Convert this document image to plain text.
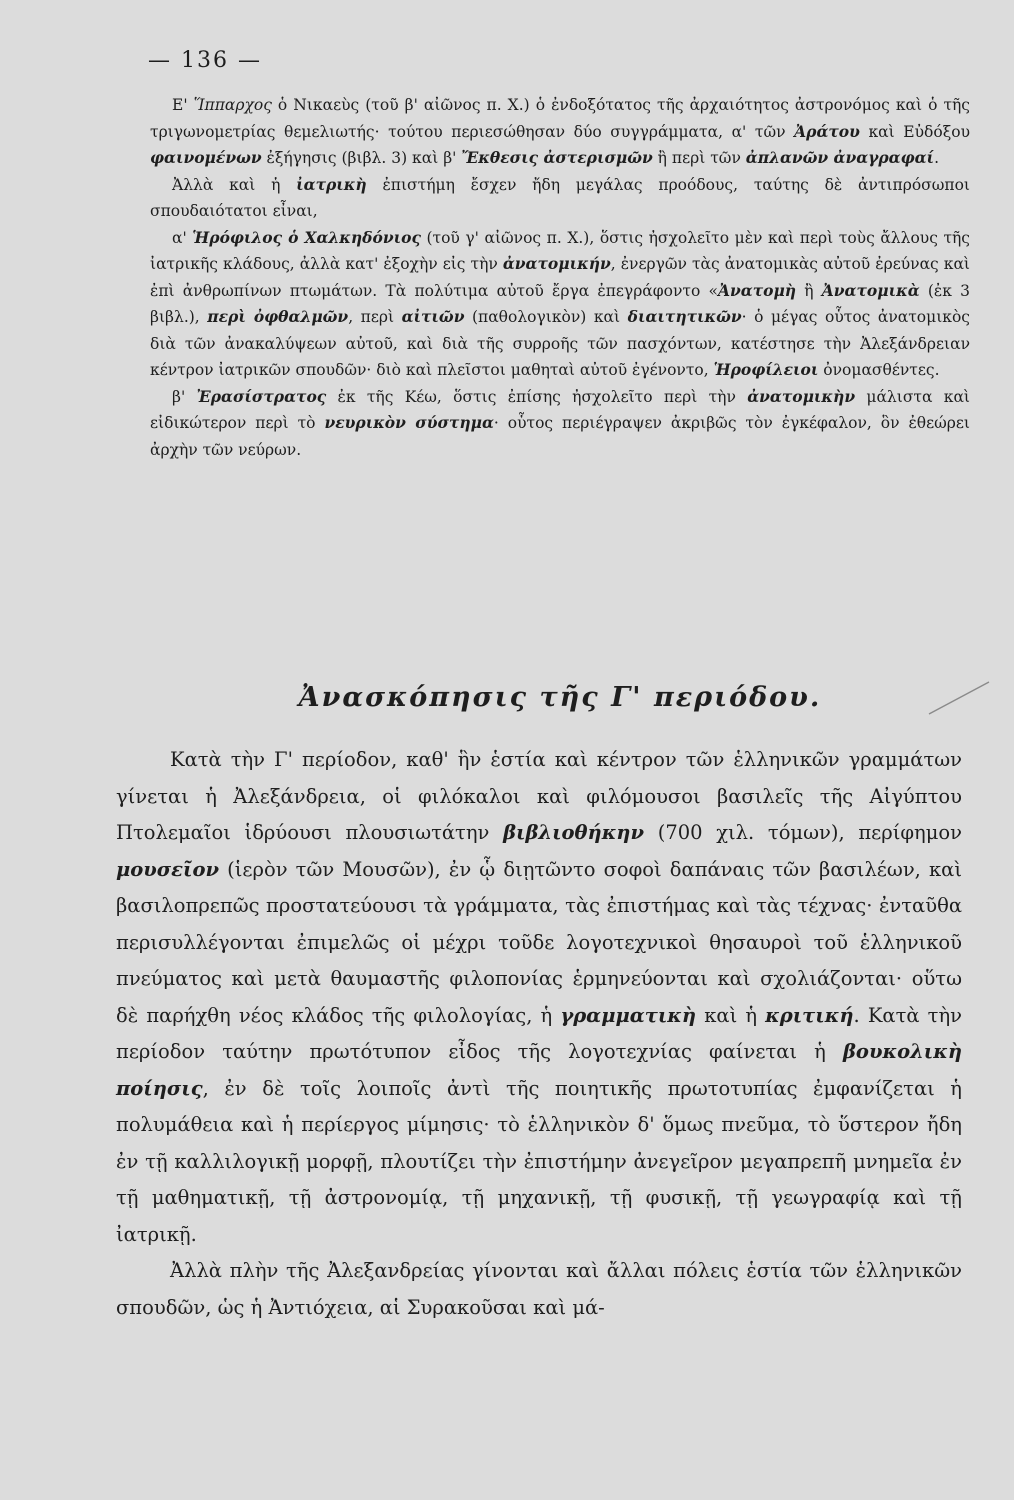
— 136 —

Ε' Ἵππαρχος ὁ Νικαεὺς (τοῦ β' αἰῶνος π. Χ.) ὁ ἐνδοξότατος τῆς ἀρχαιότητος ἀστρονόμος καὶ ὁ τῆς τριγωνομετρίας θεμελιωτής· τούτου περιεσώθησαν δύο συγγράμματα, α' τῶν Ἀράτου καὶ Εὐδόξου φαινομένων ἐξήγησις (βιβλ. 3) καὶ β' Ἔκθεσις ἀστερισμῶν ἢ περὶ τῶν ἀπλανῶν ἀναγραφαί.

Ἀλλὰ καὶ ἡ ἰατρικὴ ἐπιστήμη ἔσχεν ἤδη μεγάλας προόδους, ταύτης δὲ ἀντιπρόσωποι σπουδαιότατοι εἶναι,

α' Ἡρόφιλος ὁ Χαλκηδόνιος (τοῦ γ' αἰῶνος π. Χ.), ὅστις ἠσχολεῖτο μὲν καὶ περὶ τοὺς ἄλλους τῆς ἰατρικῆς κλάδους, ἀλλὰ κατ' ἐξοχὴν εἰς τὴν ἀνατομικήν, ἐνεργῶν τὰς ἀνατομικὰς αὐτοῦ ἐρεύνας καὶ ἐπὶ ἀνθρωπίνων πτωμάτων. Τὰ πολύτιμα αὐτοῦ ἔργα ἐπεγράφοντο «Ἀνατομὴ ἢ Ἀνατομικὰ (ἐκ 3 βιβλ.), περὶ ὀφθαλμῶν, περὶ αἰτιῶν (παθολογικὸν) καὶ διαιτητικῶν· ὁ μέγας οὗτος ἀνατομικὸς διὰ τῶν ἀνακαλύψεων αὐτοῦ, καὶ διὰ τῆς συρροῆς τῶν πασχόντων, κατέστησε τὴν Ἀλεξάνδρειαν κέντρον ἰατρικῶν σπουδῶν· διὸ καὶ πλεῖστοι μαθηταὶ αὐτοῦ ἐγένοντο, Ἡροφίλειοι ὀνομασθέντες.

β' Ἐρασίστρατος ἐκ τῆς Κέω, ὅστις ἐπίσης ἠσχολεῖτο περὶ τὴν ἀνατομικὴν μάλιστα καὶ εἰδικώτερον περὶ τὸ νευρικὸν σύστημα· οὗτος περιέγραψεν ἀκριβῶς τὸν ἐγκέφαλον, ὃν ἐθεώρει ἀρχὴν τῶν νεύρων.

Ἀνασκόπησις τῆς Γ' περιόδου.

Κατὰ τὴν Γ' περίοδον, καθ' ἣν ἑστία καὶ κέντρον τῶν ἑλληνικῶν γραμμάτων γίνεται ἡ Ἀλεξάνδρεια, οἱ φιλόκαλοι καὶ φιλόμουσοι βασιλεῖς τῆς Αἰγύπτου Πτολεμαῖοι ἱδρύουσι πλουσιωτάτην βιβλιοθήκην (700 χιλ. τόμων), περίφημον μουσεῖον (ἱερὸν τῶν Μουσῶν), ἐν ᾧ διῃτῶντο σοφοὶ δαπάναις τῶν βασιλέων, καὶ βασιλοπρεπῶς προστατεύουσι τὰ γράμματα, τὰς ἐπιστήμας καὶ τὰς τέχνας· ἐνταῦθα περισυλλέγονται ἐπιμελῶς οἱ μέχρι τοῦδε λογοτεχνικοὶ θησαυροὶ τοῦ ἑλληνικοῦ πνεύματος καὶ μετὰ θαυμαστῆς φιλοπονίας ἑρμηνεύονται καὶ σχολιάζονται· οὕτω δὲ παρήχθη νέος κλάδος τῆς φιλολογίας, ἡ γραμματικὴ καὶ ἡ κριτική. Κατὰ τὴν περίοδον ταύτην πρωτότυπον εἶδος τῆς λογοτεχνίας φαίνεται ἡ βουκολικὴ ποίησις, ἐν δὲ τοῖς λοιποῖς ἀντὶ τῆς ποιητικῆς πρωτοτυπίας ἐμφανίζεται ἡ πολυμάθεια καὶ ἡ περίεργος μίμησις· τὸ ἑλληνικὸν δ' ὅμως πνεῦμα, τὸ ὕστερον ἤδη ἐν τῇ καλλιλογικῇ μορφῇ, πλουτίζει τὴν ἐπιστήμην ἀνεγεῖρον μεγαπρεπῆ μνημεῖα ἐν τῇ μαθηματικῇ, τῇ ἀστρονομίᾳ, τῇ μηχανικῇ, τῇ φυσικῇ, τῇ γεωγραφίᾳ καὶ τῇ ἰατρικῇ.

Ἀλλὰ πλὴν τῆς Ἀλεξανδρείας γίνονται καὶ ἄλλαι πόλεις ἑστία τῶν ἑλληνικῶν σπουδῶν, ὡς ἡ Ἀντιόχεια, αἱ Συρακοῦσαι καὶ μά-
